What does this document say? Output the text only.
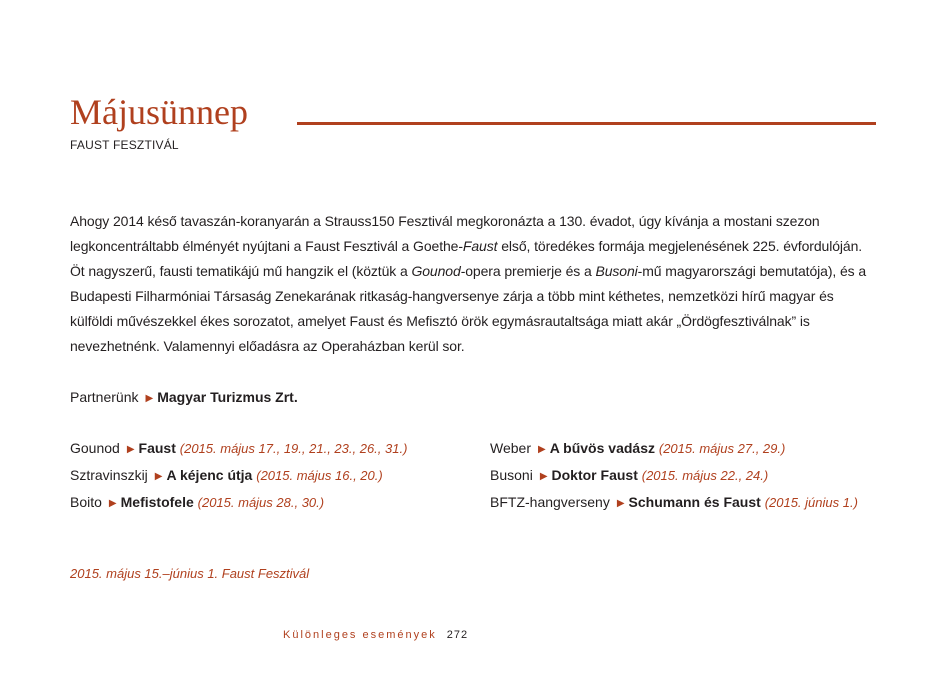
Májusünnep
FAUST FESZTIVÁL

Ahogy 2014 késő tavaszán-koranyarán a Strauss150 Fesztivál megkoronázta a 130. évadot, úgy kívánja a mostani szezon legkoncentráltabb élményét nyújtani a Faust Fesztivál a Goethe-Faust első, töredékes formája megjelenésének 225. évfordulóján. Öt nagyszerű, fausti tematikájú mű hangzik el (köztük a Gounod-opera premierje és a Busoni-mű magyarországi bemutatója), és a Budapesti Filharmóniai Társaság Zenekarának ritkaság-hangversenye zárja a több mint kéthetes, nemzetközi hírű magyar és külföldi művészekkel ékes sorozatot, amelyet Faust és Mefisztó örök egymásrautaltsága miatt akár „Ördögfesztiválnak” is nevezhetnénk. Valamennyi előadásra az Operaházban kerül sor.

Partnerünk ▶ Magyar Turizmus Zrt.
Gounod ▶ Faust (2015. május 17., 19., 21., 23., 26., 31.)
Sztravinszkij ▶ A kéjenc útja (2015. május 16., 20.)
Boito ▶ Mefistofele (2015. május 28., 30.)
Weber ▶ A bűvös vadász (2015. május 27., 29.)
Busoni ▶ Doktor Faust (2015. május 22., 24.)
BFTZ-hangverseny ▶ Schumann és Faust (2015. június 1.)
2015. május 15.–június 1. Faust Fesztivál
Különleges események 272
